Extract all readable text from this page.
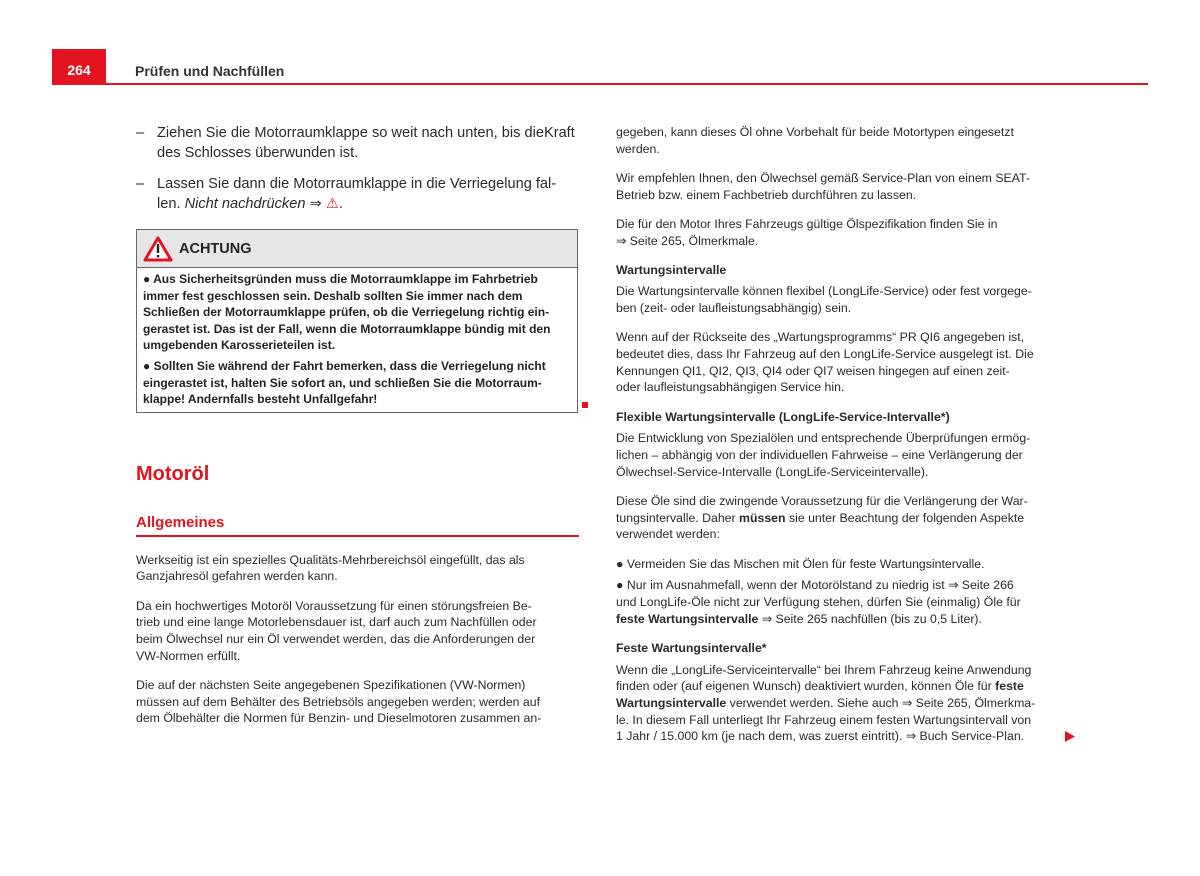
264	Prüfen und Nachfüllen
– Ziehen Sie die Motorraumklappe so weit nach unten, bis dieKraft des Schlosses überwunden ist.
– Lassen Sie dann die Motorraumklappe in die Verriegelung fal-len. Nicht nachdrücken ⇒ ⚠.
ACHTUNG
● Aus Sicherheitsgründen muss die Motorraumklappe im Fahrbetrieb
immer fest geschlossen sein. Deshalb sollten Sie immer nach dem
Schließen der Motorraumklappe prüfen, ob die Verriegelung richtig ein-
gerastet ist. Das ist der Fall, wenn die Motorraumklappe bündig mit den
umgebenden Karosserieteilen ist.
● Sollten Sie während der Fahrt bemerken, dass die Verriegelung nicht
eingerastet ist, halten Sie sofort an, und schließen Sie die Motorraum-
klappe! Andernfalls besteht Unfallgefahr!
Motoröl
Allgemeines
Werkseitig ist ein spezielles Qualitäts-Mehrbereichsöl eingefüllt, das als
Ganzjahresöl gefahren werden kann.
Da ein hochwertiges Motoröl Voraussetzung für einen störungsfreien Be-
trieb und eine lange Motorlebensdauer ist, darf auch zum Nachfüllen oder
beim Ölwechsel nur ein Öl verwendet werden, das die Anforderungen der
VW-Normen erfüllt.
Die auf der nächsten Seite angegebenen Spezifikationen (VW-Normen)
müssen auf dem Behälter des Betriebsöls angegeben werden; werden auf
dem Ölbehälter die Normen für Benzin- und Dieselmotoren zusammen an-
gegeben, kann dieses Öl ohne Vorbehalt für beide Motortypen eingesetzt
werden.
Wir empfehlen Ihnen, den Ölwechsel gemäß Service-Plan von einem SEAT-
Betrieb bzw. einem Fachbetrieb durchführen zu lassen.
Die für den Motor Ihres Fahrzeugs gültige Ölspezifikation finden Sie in
⇒ Seite 265, Ölmerkmale.
Wartungsintervalle
Die Wartungsintervalle können flexibel (LongLife-Service) oder fest vorgege-
ben (zeit- oder laufleistungsabhängig) sein.
Wenn auf der Rückseite des „Wartungsprogramms“ PR QI6 angegeben ist,
bedeutet dies, dass Ihr Fahrzeug auf den LongLife-Service ausgelegt ist. Die
Kennungen QI1, QI2, QI3, QI4 oder QI7 weisen hingegen auf einen zeit-
oder laufleistungsabhängigen Service hin.
Flexible Wartungsintervalle (LongLife-Service-Intervalle*)
Die Entwicklung von Spezialölen und entsprechende Überprüfungen ermög-
lichen – abhängig von der individuellen Fahrweise – eine Verlängerung der
Ölwechsel-Service-Intervalle (LongLife-Serviceintervalle).
Diese Öle sind die zwingende Voraussetzung für die Verlängerung der War-
tungsintervalle. Daher müssen sie unter Beachtung der folgenden Aspekte
verwendet werden:
● Vermeiden Sie das Mischen mit Ölen für feste Wartungsintervalle.
● Nur im Ausnahmefall, wenn der Motorölstand zu niedrig ist ⇒ Seite 266
und LongLife-Öle nicht zur Verfügung stehen, dürfen Sie (einmalig) Öle für
feste Wartungsintervalle ⇒ Seite 265 nachfüllen (bis zu 0,5 Liter).
Feste Wartungsintervalle*
Wenn die „LongLife-Serviceintervalle“ bei Ihrem Fahrzeug keine Anwendung
finden oder (auf eigenen Wunsch) deaktiviert wurden, können Öle für feste
Wartungsintervalle verwendet werden. Siehe auch ⇒ Seite 265, Ölmerkma-
le. In diesem Fall unterliegt Ihr Fahrzeug einem festen Wartungsintervall von
1 Jahr / 15.000 km (je nach dem, was zuerst eintritt). ⇒ Buch Service-Plan.
